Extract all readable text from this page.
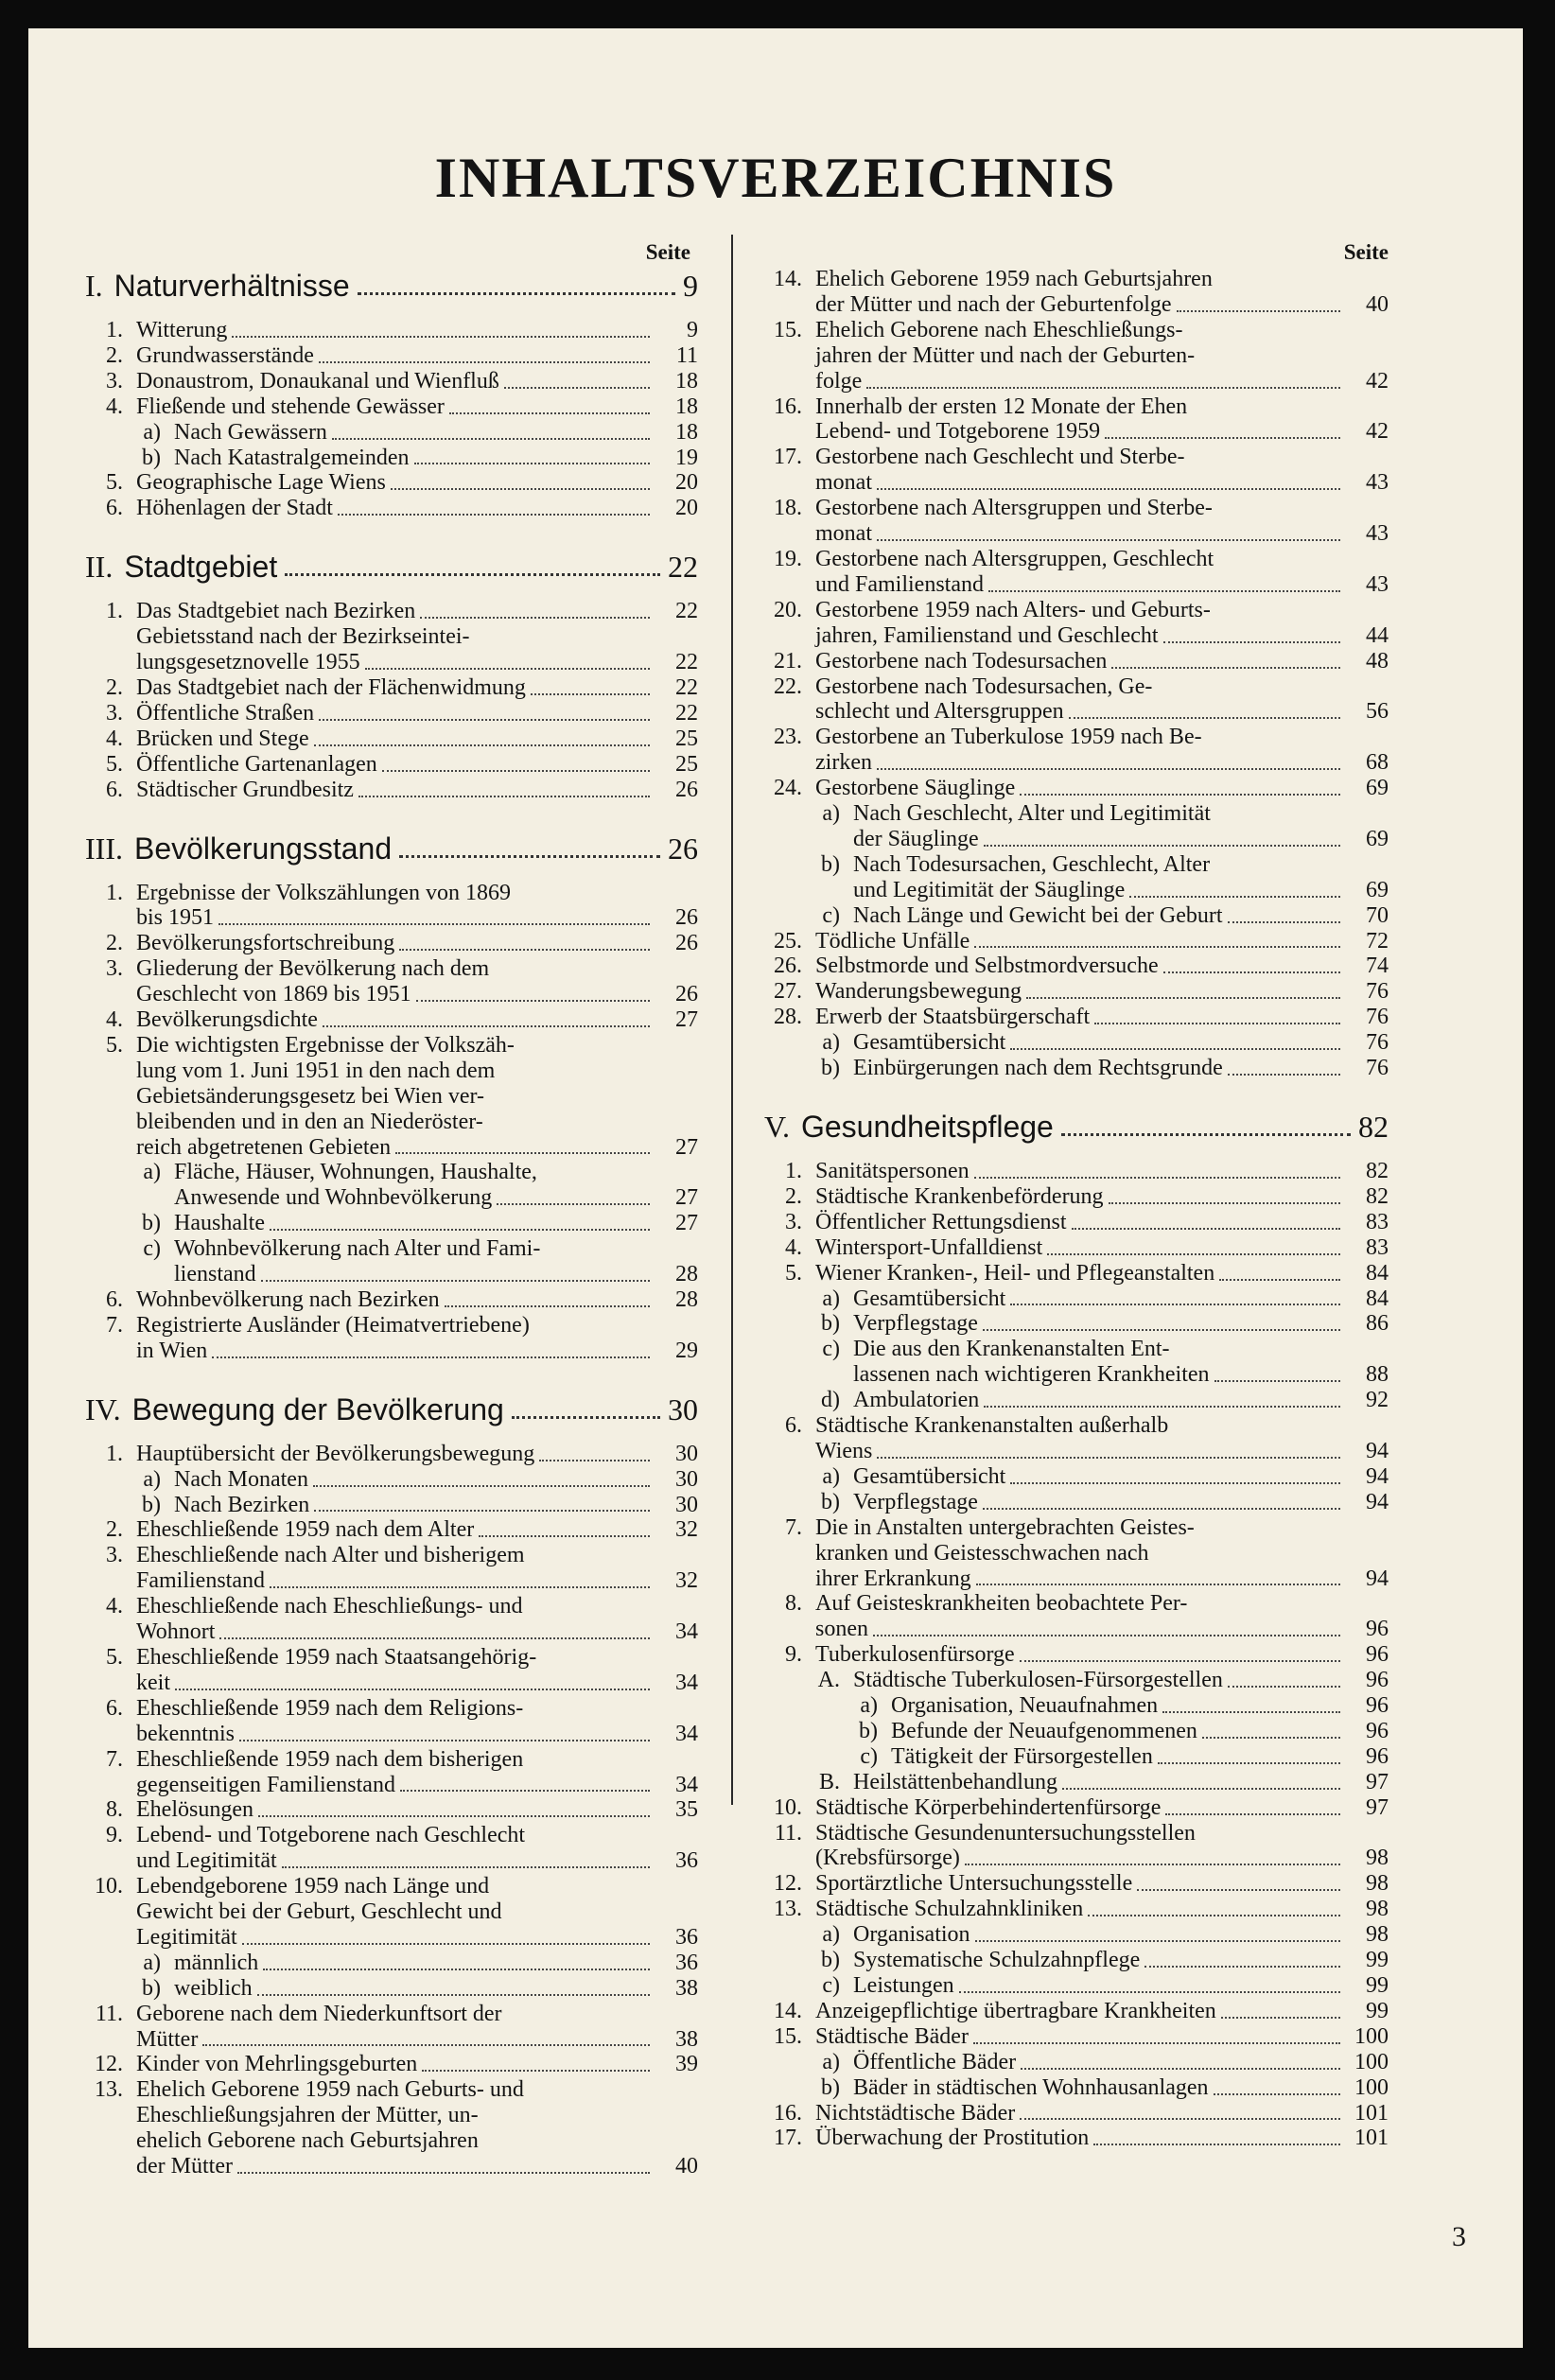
INHALTSVERZEICHNIS
Seite
I. Naturverhältnisse	9
1. Witterung	9
2. Grundwasserstände	11
3. Donaustrom, Donaukanal und Wienfluß	18
4. Fließende und stehende Gewässer	18
a) Nach Gewässern	18
b) Nach Katastralgemeinden	19
5. Geographische Lage Wiens	20
6. Höhenlagen der Stadt	20
II. Stadtgebiet	22
1. Das Stadtgebiet nach Bezirken	22
Gebietsstand nach der Bezirkseintei-
lungsgesetznovelle 1955	22
2. Das Stadtgebiet nach der Flächenwidmung	22
3. Öffentliche Straßen	22
4. Brücken und Stege	25
5. Öffentliche Gartenanlagen	25
6. Städtischer Grundbesitz	26
III. Bevölkerungsstand	26
1. Ergebnisse der Volkszählungen von 1869
bis 1951	26
2. Bevölkerungsfortschreibung	26
3. Gliederung der Bevölkerung nach dem
Geschlecht von 1869 bis 1951	26
4. Bevölkerungsdichte	27
5. Die wichtigsten Ergebnisse der Volkszäh-
lung vom 1. Juni 1951 in den nach dem
Gebietsänderungsgesetz bei Wien ver-
bleibenden und in den an Niederöster-
reich abgetretenen Gebieten	27
a) Fläche, Häuser, Wohnungen, Haushalte,
Anwesende und Wohnbevölkerung	27
b) Haushalte	27
c) Wohnbevölkerung nach Alter und Fami-
lienstand	28
6. Wohnbevölkerung nach Bezirken	28
7. Registrierte Ausländer (Heimatvertriebene)
in Wien	29
IV. Bewegung der Bevölkerung	30
1. Hauptübersicht der Bevölkerungsbewegung	30
a) Nach Monaten	30
b) Nach Bezirken	30
2. Eheschließende 1959 nach dem Alter	32
3. Eheschließende nach Alter und bisherigem
Familienstand	32
4. Eheschließende nach Eheschließungs- und
Wohnort	34
5. Eheschließende 1959 nach Staatsangehörig-
keit	34
6. Eheschließende 1959 nach dem Religions-
bekenntnis	34
7. Eheschließende 1959 nach dem bisherigen
gegenseitigen Familienstand	34
8. Ehelösungen	35
9. Lebend- und Totgeborene nach Geschlecht
und Legitimität	36
10. Lebendgeborene 1959 nach Länge und
Gewicht bei der Geburt, Geschlecht und
Legitimität	36
a) männlich	36
b) weiblich	38
11. Geborene nach dem Niederkunftsort der
Mütter	38
12. Kinder von Mehrlingsgeburten	39
13. Ehelich Geborene 1959 nach Geburts- und
Eheschließungsjahren der Mütter, un-
ehelich Geborene nach Geburtsjahren
der Mütter	40
Seite
14. Ehelich Geborene 1959 nach Geburtsjahren
der Mütter und nach der Geburtenfolge	40
15. Ehelich Geborene nach Eheschließungs-
jahren der Mütter und nach der Geburten-
folge	42
16. Innerhalb der ersten 12 Monate der Ehen
Lebend- und Totgeborene 1959	42
17. Gestorbene nach Geschlecht und Sterbe-
monat	43
18. Gestorbene nach Altersgruppen und Sterbe-
monat	43
19. Gestorbene nach Altersgruppen, Geschlecht
und Familienstand	43
20. Gestorbene 1959 nach Alters- und Geburts-
jahren, Familienstand und Geschlecht	44
21. Gestorbene nach Todesursachen	48
22. Gestorbene nach Todesursachen, Ge-
schlecht und Altersgruppen	56
23. Gestorbene an Tuberkulose 1959 nach Be-
zirken	68
24. Gestorbene Säuglinge	69
a) Nach Geschlecht, Alter und Legitimität
der Säuglinge	69
b) Nach Todesursachen, Geschlecht, Alter
und Legitimität der Säuglinge	69
c) Nach Länge und Gewicht bei der Geburt	70
25. Tödliche Unfälle	72
26. Selbstmorde und Selbstmordversuche	74
27. Wanderungsbewegung	76
28. Erwerb der Staatsbürgerschaft	76
a) Gesamtübersicht	76
b) Einbürgerungen nach dem Rechtsgrunde	76
V. Gesundheitspflege	82
1. Sanitätspersonen	82
2. Städtische Krankenbeförderung	82
3. Öffentlicher Rettungsdienst	83
4. Wintersport-Unfalldienst	83
5. Wiener Kranken-, Heil- und Pflegeanstalten	84
a) Gesamtübersicht	84
b) Verpflegstage	86
c) Die aus den Krankenanstalten Ent-
lassenen nach wichtigeren Krankheiten	88
d) Ambulatorien	92
6. Städtische Krankenanstalten außerhalb
Wiens	94
a) Gesamtübersicht	94
b) Verpflegstage	94
7. Die in Anstalten untergebrachten Geistes-
kranken und Geistesschwachen nach
ihrer Erkrankung	94
8. Auf Geisteskrankheiten beobachtete Per-
sonen	96
9. Tuberkulosenfürsorge	96
A. Städtische Tuberkulosen-Fürsorgestellen	96
a) Organisation, Neuaufnahmen	96
b) Befunde der Neuaufgenommenen	96
c) Tätigkeit der Fürsorgestellen	96
B. Heilstättenbehandlung	97
10. Städtische Körperbehindertenfürsorge	97
11. Städtische Gesundenuntersuchungsstellen
(Krebsfürsorge)	98
12. Sportärztliche Untersuchungsstelle	98
13. Städtische Schulzahnkliniken	98
a) Organisation	98
b) Systematische Schulzahnpflege	99
c) Leistungen	99
14. Anzeigepflichtige übertragbare Krankheiten	99
15. Städtische Bäder	100
a) Öffentliche Bäder	100
b) Bäder in städtischen Wohnhausanlagen	100
16. Nichtstädtische Bäder	101
17. Überwachung der Prostitution	101
3
